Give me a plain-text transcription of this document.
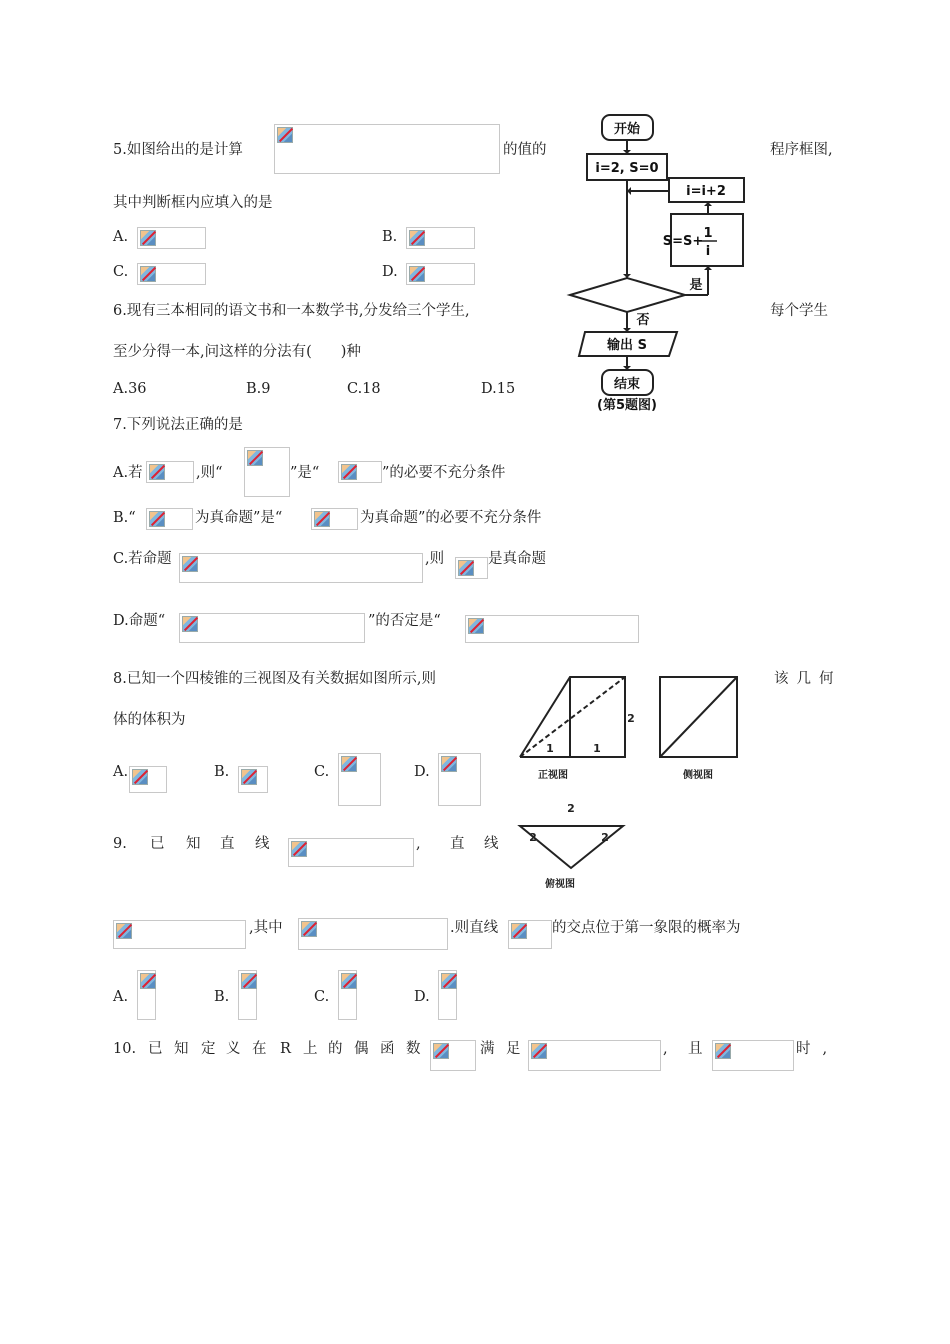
5.如图给出的是计算	的值的	程序框图,
其中判断框内应填入的是
A.	B.
C.	D.
开始
i=2, S=0
i=i+2
S=S+
1
i
是
否
输出 S
结束
(第5题图)
6.现有三本相同的语文书和一本数学书,分发给三个学生,	每个学生
至少分得一本,问这样的分法有(　　)种
A.36	B.9	C.18	D.15
7.下列说法正确的是
A.若	,则“	”是“	”的必要不充分条件
B.“	为真命题”是“	为真命题”的必要不充分条件
C.若命题	,则	是真命题
D.命题“	”的否定是“
8.已知一个四棱锥的三视图及有关数据如图所示,则	该几何
体的体积为
A.	B.	C.	D.
1	1
2
2
2	2
正视图	侧视图
俯视图
9. 已 知 直 线	, 直 线
,其中	.则直线	的交点位于第一象限的概率为
A.	B.	C.	D.
10. 已 知 定 义 在 R 上 的 偶 函 数	满 足	, 且	时,
